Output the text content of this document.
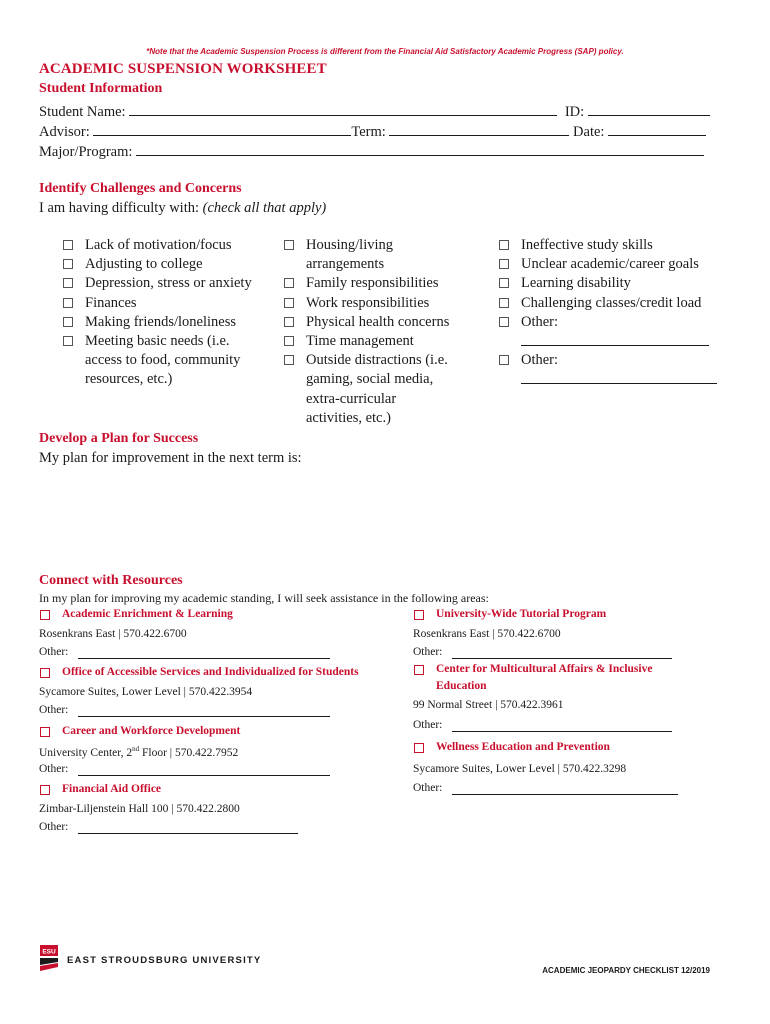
*Note that the Academic Suspension Process is different from the Financial Aid Satisfactory Academic Progress (SAP) policy.
ACADEMIC SUSPENSION WORKSHEET
Student Information
Student Name:	ID:
Advisor:	Term:	Date:
Major/Program:
Identify Challenges and Concerns
I am having difficulty with: (check all that apply)
Lack of motivation/focus
Adjusting to college
Depression, stress or anxiety
Finances
Making friends/loneliness
Meeting basic needs (i.e.
access to food, community
resources, etc.)
Housing/living
arrangements
Family responsibilities
Work responsibilities
Physical health concerns
Time management
Outside distractions (i.e.
gaming, social media,
extra-curricular
activities, etc.)
Ineffective study skills
Unclear academic/career goals
Learning disability
Challenging classes/credit load
Other:
Other:
Develop a Plan for Success
My plan for improvement in the next term is:
Connect with Resources
In my plan for improving my academic standing, I will seek assistance in the following areas:
Academic Enrichment & Learning
Rosenkrans East | 570.422.6700
Other:
Office of Accessible Services and Individualized for Students
Sycamore Suites, Lower Level | 570.422.3954
Other:
Career and Workforce Development
University Center, 2nd Floor | 570.422.7952
Other:
Financial Aid Office
Zimbar-Liljenstein Hall 100 | 570.422.2800
Other:
University-Wide Tutorial Program
Rosenkrans East | 570.422.6700
Other:
Center for Multicultural Affairs & Inclusive
Education
99 Normal Street | 570.422.3961
Other:
Wellness Education and Prevention
Sycamore Suites, Lower Level | 570.422.3298
Other:
ESU
EAST STROUDSBURG UNIVERSITY
ACADEMIC JEOPARDY CHECKLIST 12/2019
